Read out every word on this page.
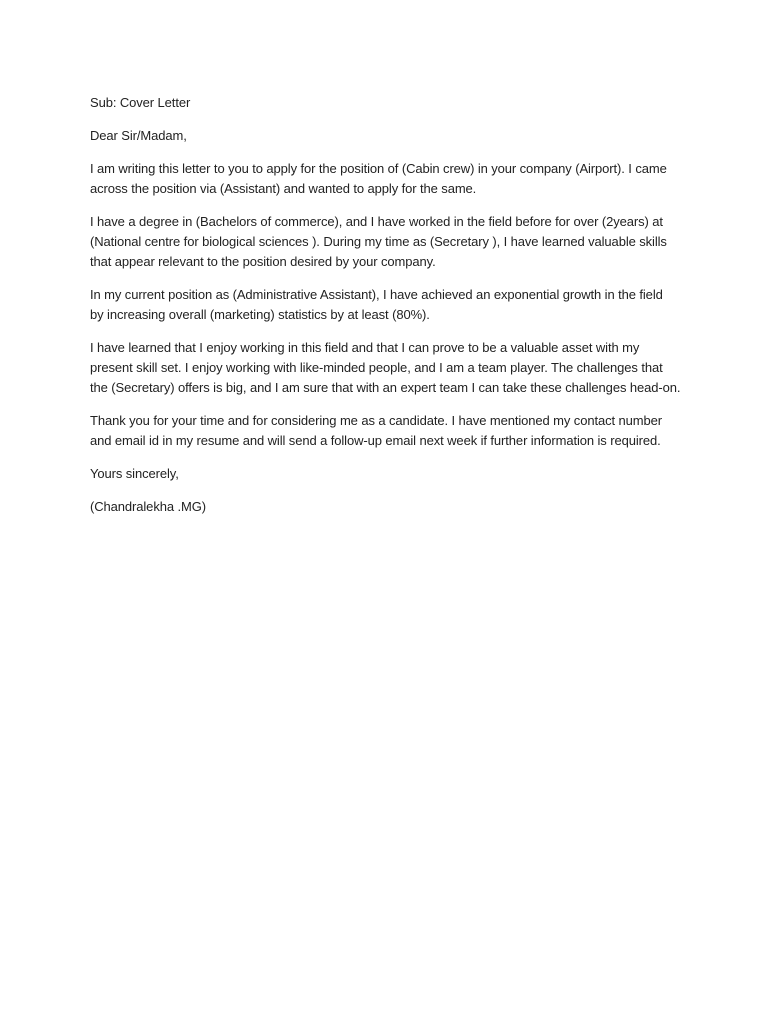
Sub: Cover Letter

Dear Sir/Madam,

I am writing this letter to you to apply for the position of (Cabin crew) in your company (Airport). I came
across the position via (Assistant) and wanted to apply for the same.

I have a degree in (Bachelors of commerce), and I have worked in the field before for over (2years) at
(National centre for biological sciences ). During my time as (Secretary ), I have learned valuable skills
that appear relevant to the position desired by your company.

In my current position as (Administrative Assistant), I have achieved an exponential growth in the field
by increasing overall (marketing) statistics by at least (80%).

I have learned that I enjoy working in this field and that I can prove to be a valuable asset with my
present skill set. I enjoy working with like-minded people, and I am a team player. The challenges that
the (Secretary) offers is big, and I am sure that with an expert team I can take these challenges head-on.

Thank you for your time and for considering me as a candidate. I have mentioned my contact number
and email id in my resume and will send a follow-up email next week if further information is required.

Yours sincerely,

(Chandralekha .MG)
